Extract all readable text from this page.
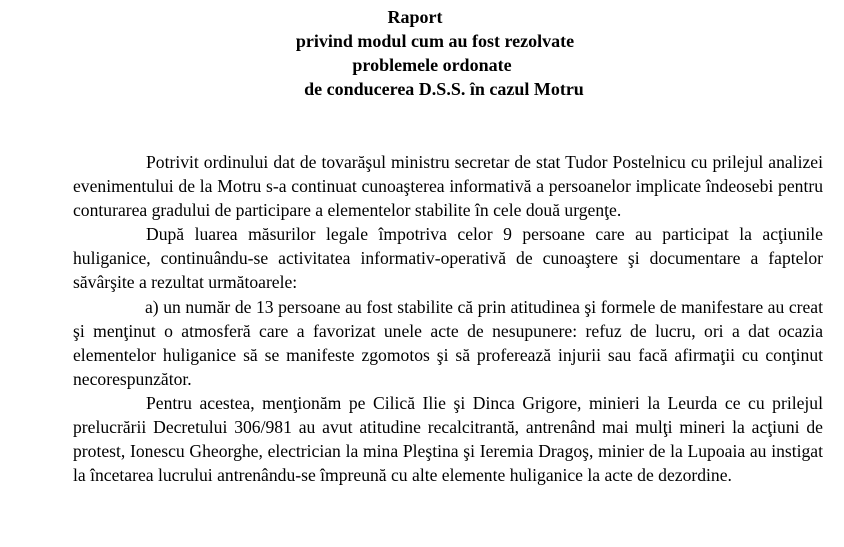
Raport
privind modul cum au fost rezolvate
problemele ordonate
de conducerea D.S.S. în cazul Motru

Potrivit ordinului dat de tovarăşul ministru secretar de stat Tudor Postelnicu cu prilejul analizei evenimentului de la Motru s-a continuat cunoaşterea informativă a persoanelor implicate îndeosebi pentru conturarea gradului de participare a elementelor stabilite în cele două urgenţe.

După luarea măsurilor legale împotriva celor 9 persoane care au participat la acţiunile huliganice, continuându-se activitatea informativ-operativă de cunoaştere şi documentare a faptelor săvârşite a rezultat următoarele:

a) un număr de 13 persoane au fost stabilite că prin atitudinea şi formele de manifestare au creat şi menţinut o atmosferă care a favorizat unele acte de nesupunere: refuz de lucru, ori a dat ocazia elementelor huliganice să se manifeste zgomotos şi să proferează injurii sau facă afirmaţii cu conţinut necorespunzător.

Pentru acestea, menţionăm pe Cilică Ilie şi Dinca Grigore, minieri la Leurda ce cu prilejul prelucrării Decretului 306/981 au avut atitudine recalcitrantă, antrenând mai mulţi mineri la acţiuni de protest, Ionescu Gheorghe, electrician la mina Pleştina şi Ieremia Dragoş, minier de la Lupoaia au instigat la încetarea lucrului antrenându-se împreună cu alte elemente huliganice la acte de dezordine.
